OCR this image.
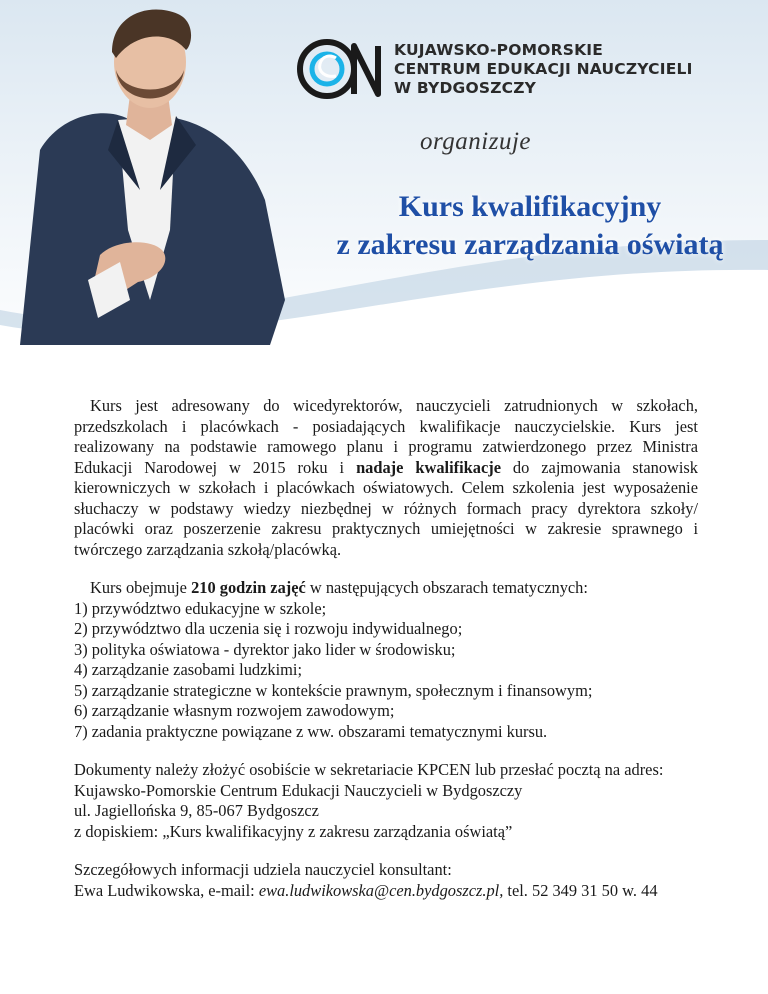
KUJAWSKO-POMORSKIE
CENTRUM EDUKACJI NAUCZYCIELI
W BYDGOSZCZY
organizuje
Kurs kwalifikacyjny
z zakresu zarządzania oświatą

Kurs jest adresowany do wicedyrektorów, nauczycieli zatrudnionych w szkołach, przedszkolach i placówkach - posiadających kwalifikacje nauczycielskie. Kurs jest realizowany na podstawie ramowego planu i programu zatwierdzonego przez Ministra Edukacji Narodowej w 2015 roku i nadaje kwalifikacje do zajmowania stanowisk kierowniczych w szkołach i placówkach oświatowych. Celem szkolenia jest wyposażenie słuchaczy w podstawy wiedzy niezbędnej w różnych formach pracy dyrektora szkoły/ placówki oraz poszerzenie zakresu praktycznych umiejętności w zakresie sprawnego i twórczego zarządzania szkołą/placówką.

Kurs obejmuje 210 godzin zajęć w następujących obszarach tematycznych:

1) przywództwo edukacyjne w szkole;
2) przywództwo dla uczenia się i rozwoju indywidualnego;
3) polityka oświatowa - dyrektor jako lider w środowisku;
4) zarządzanie zasobami ludzkimi;
5) zarządzanie strategiczne w kontekście prawnym, społecznym i finansowym;
6) zarządzanie własnym rozwojem zawodowym;
7) zadania praktyczne powiązane z ww. obszarami tematycznymi kursu.
Dokumenty należy złożyć osobiście w sekretariacie KPCEN lub przesłać pocztą na adres:
Kujawsko-Pomorskie Centrum Edukacji Nauczycieli w Bydgoszczy
ul. Jagiellońska 9, 85-067 Bydgoszcz
z dopiskiem: „Kurs kwalifikacyjny z zakresu zarządzania oświatą”
Szczegółowych informacji udziela nauczyciel konsultant:
Ewa Ludwikowska, e-mail: ewa.ludwikowska@cen.bydgoszcz.pl, tel. 52 349 31 50 w. 44
